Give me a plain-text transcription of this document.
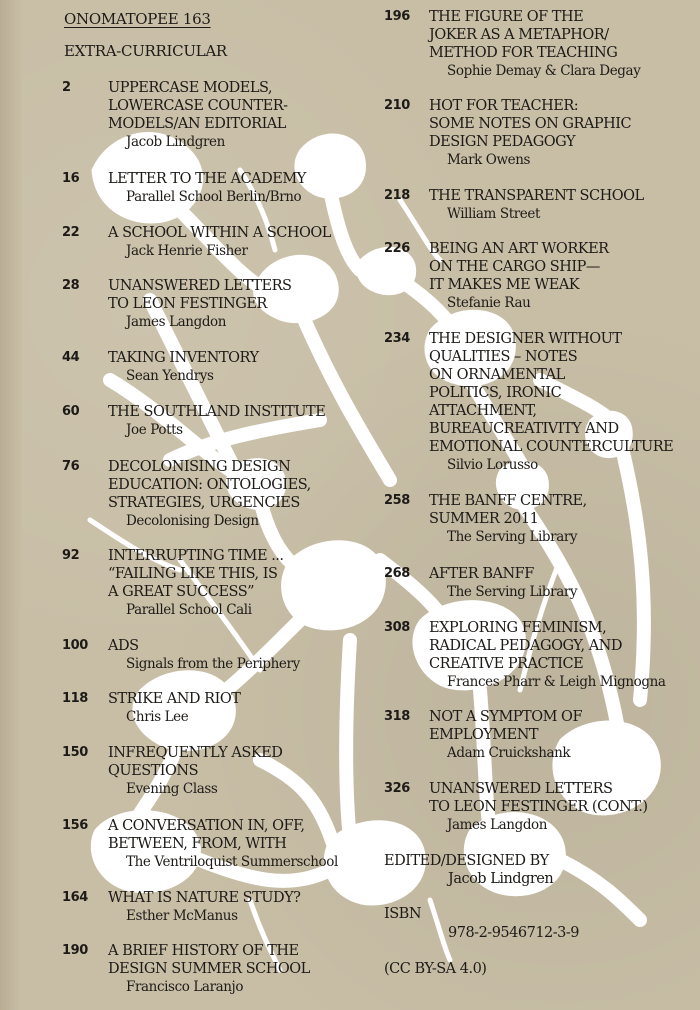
ONOMATOPEE 163
EXTRA-CURRICULAR
2	UPPERCASE MODELS,
LOWERCASE COUNTER-
MODELS/AN EDITORIAL
Jacob Lindgren
16 LETTER TO THE ACADEMY
Parallel School Berlin/Brno
22 A SCHOOL WITHIN A SCHOOL
Jack Henrie Fisher
28 UNANSWERED LETTERS
TO LEON FESTINGER
James Langdon
44 TAKING INVENTORY
Sean Yendrys
60 THE SOUTHLAND INSTITUTE
Joe Potts
76 DECOLONISING DESIGN
EDUCATION: ONTOLOGIES,
STRATEGIES, URGENCIES
Decolonising Design
92 INTERRUPTING TIME ...
“FAILING LIKE THIS, IS
A GREAT SUCCESS”
Parallel School Cali
100 ADS
Signals from the Periphery
118 STRIKE AND RIOT
Chris Lee
150 INFREQUENTLY ASKED
QUESTIONS
Evening Class
156 A CONVERSATION IN, OFF,
BETWEEN, FROM, WITH
The Ventriloquist Summerschool
164 WHAT IS NATURE STUDY?
Esther McManus
190 A BRIEF HISTORY OF THE
DESIGN SUMMER SCHOOL
Francisco Laranjo
196 THE FIGURE OF THE
JOKER AS A METAPHOR/
METHOD FOR TEACHING
Sophie Demay & Clara Degay
210 HOT FOR TEACHER:
SOME NOTES ON GRAPHIC
DESIGN PEDAGOGY
Mark Owens
218 THE TRANSPARENT SCHOOL
William Street
226 BEING AN ART WORKER
ON THE CARGO SHIP—
IT MAKES ME WEAK
Stefanie Rau
234 THE DESIGNER WITHOUT
QUALITIES – NOTES
ON ORNAMENTAL
POLITICS, IRONIC
ATTACHMENT,
BUREAUCREATIVITY AND
EMOTIONAL COUNTERCULTURE
Silvio Lorusso
258 THE BANFF CENTRE,
SUMMER 2011
The Serving Library
268 AFTER BANFF
The Serving Library
308 EXPLORING FEMINISM,
RADICAL PEDAGOGY, AND
CREATIVE PRACTICE
Frances Pharr & Leigh Mignogna
318 NOT A SYMPTOM OF
EMPLOYMENT
Adam Cruickshank
326 UNANSWERED LETTERS
TO LEON FESTINGER (CONT.)
James Langdon
EDITED/DESIGNED BY
Jacob Lindgren
ISBN
978-2-9546712-3-9
(CC BY-SA 4.0)
